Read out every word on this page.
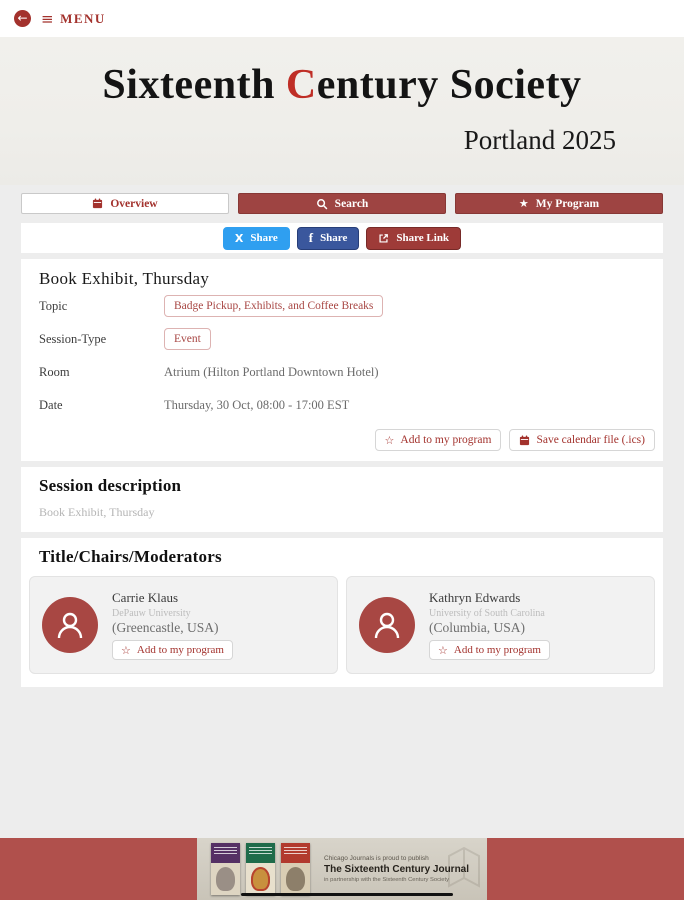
← ≡ MENU
Sixteenth Century Society
Portland 2025
Overview	Search	★ My Program
X Share f Share	Share Link
Book Exhibit, Thursday
Topic	Badge Pickup, Exhibits, and Coffee Breaks
Session-Type	Event
Room	Atrium (Hilton Portland Downtown Hotel)
Date	Thursday, 30 Oct, 08:00 - 17:00 EST
☆ Add to my program	Save calendar file (.ics)
Session description

Book Exhibit, Thursday

Title/Chairs/Moderators
Carrie Klaus
DePauw University
(Greencastle, USA)
☆ Add to my program
Kathryn Edwards
University of South Carolina
(Columbia, USA)
☆ Add to my program
Chicago Journals is proud to publish
The Sixteenth Century Journal
in partnership with the Sixteenth Century Society
